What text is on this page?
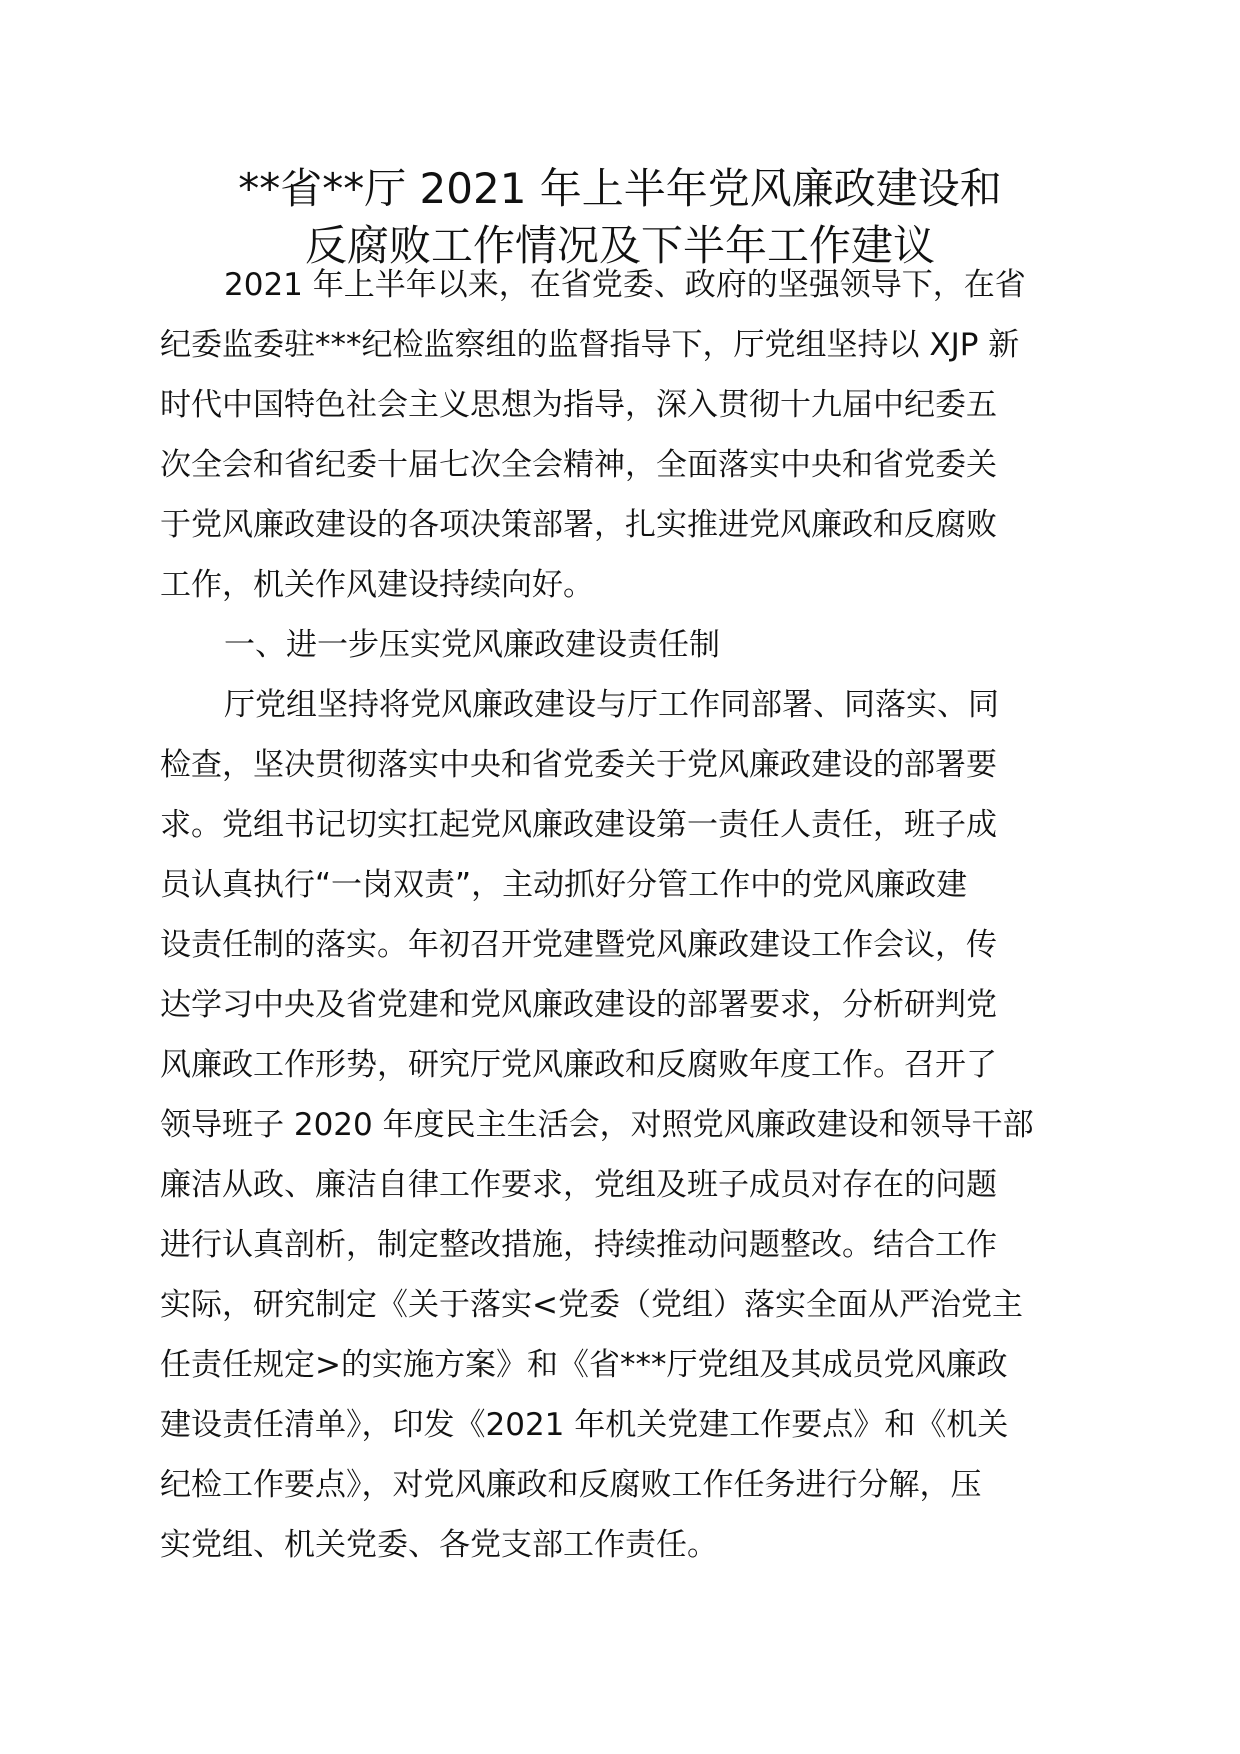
**省**厅 2021 年上半年党风廉政建设和
反腐败工作情况及下半年工作建议

2021 年上半年以来，在省党委、政府的坚强领导下，在省
纪委监委驻***纪检监察组的监督指导下，厅党组坚持以 XJP 新
时代中国特色社会主义思想为指导，深入贯彻十九届中纪委五
次全会和省纪委十届七次全会精神，全面落实中央和省党委关
于党风廉政建设的各项决策部署，扎实推进党风廉政和反腐败
工作，机关作风建设持续向好。

一、进一步压实党风廉政建设责任制

厅党组坚持将党风廉政建设与厅工作同部署、同落实、同
检查，坚决贯彻落实中央和省党委关于党风廉政建设的部署要
求。党组书记切实扛起党风廉政建设第一责任人责任，班子成
员认真执行“一岗双责”，主动抓好分管工作中的党风廉政建
设责任制的落实。年初召开党建暨党风廉政建设工作会议，传
达学习中央及省党建和党风廉政建设的部署要求，分析研判党
风廉政工作形势，研究厅党风廉政和反腐败年度工作。召开了
领导班子 2020 年度民主生活会，对照党风廉政建设和领导干部
廉洁从政、廉洁自律工作要求，党组及班子成员对存在的问题
进行认真剖析，制定整改措施，持续推动问题整改。结合工作
实际，研究制定《关于落实<党委（党组）落实全面从严治党主
任责任规定>的实施方案》和《省***厅党组及其成员党风廉政
建设责任清单》，印发《2021 年机关党建工作要点》和《机关
纪检工作要点》，对党风廉政和反腐败工作任务进行分解，压
实党组、机关党委、各党支部工作责任。
